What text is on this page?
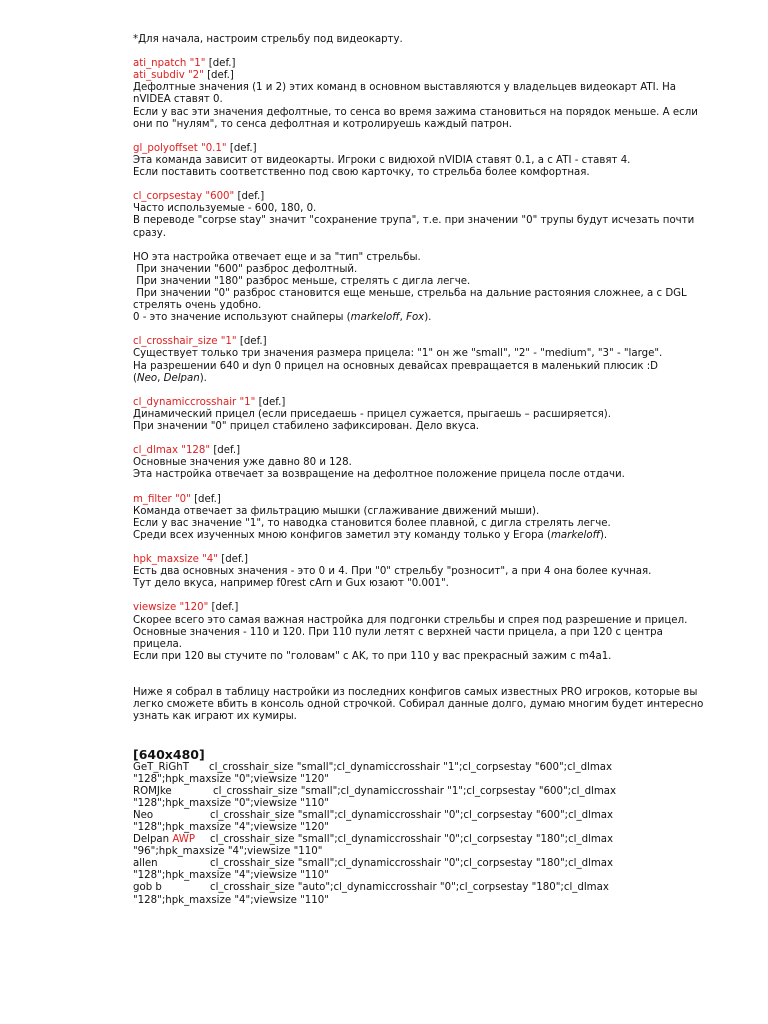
*Для начала, настроим стрельбу под видеокарту.

ati_npatch "1" [def.]

ati_subdiv "2" [def.]

Дефолтные значения (1 и 2) этих команд в основном выставляются у владельцев видеокарт ATI. На

nVIDEA ставят 0.

Если у вас эти значения дефолтные, то сенса во время зажима становиться на порядок меньше. А если

они по "нулям", то сенса дефолтная и котролируешь каждый патрон.

gl_polyoffset "0.1" [def.]

Эта команда зависит от видеокарты. Игроки с видюхой nVIDIA ставят 0.1, а с ATI - ставят 4.

Если поставить соответственно под свою карточку, то стрельба более комфортная.

cl_corpsestay "600" [def.]

Часто используемые - 600, 180, 0.

В переводе "corpse stay" значит "сохранение трупа", т.е. при значении "0" трупы будут исчезать почти

сразу.

НО эта настройка отвечает еще и за "тип" стрельбы.

При значении "600" разброс дефолтный.

При значении "180" разброс меньше, стрелять с дигла легче.

При значении "0" разброс становится еще меньше, стрельба на дальние растояния сложнее, а с DGL

стрелять очень удобно.

0 - это значение используют снайперы (markeloff, Fox).

cl_crosshair_size "1" [def.]

Существует только три значения размера прицела: "1" он же "small", "2" - "medium", "3" - "large".

На разрешении 640 и dyn 0 прицел на основных девайсах превращается в маленький плюсик :D

(Neo, Delpan).

cl_dynamiccrosshair "1" [def.]

Динамический прицел (если приседаешь - прицел сужается, прыгаешь – расширяется).

При значении "0" прицел стабилено зафиксирован. Дело вкуса.

cl_dlmax "128" [def.]

Основные значения уже давно 80 и 128.

Эта настройка отвечает за возвращение на дефолтное положение прицела после отдачи.

m_filter "0" [def.]

Команда отвечает за фильтрацию мышки (сглаживание движений мыши).

Если у вас значение "1", то наводка становится более плавной, с дигла стрелять легче.

Среди всех изученных мною конфигов заметил эту команду только у Егора (markeloff).

hpk_maxsize "4" [def.]

Есть два основных значения - это 0 и 4. При "0" стрельбу "розносит", а при 4 она более кучная.

Тут дело вкуса, например f0rest cArn и Gux юзают "0.001".

viewsize "120" [def.]

Скорее всего это самая важная настройка для подгонки стрельбы и спрея под разрешение и прицел.

Основные значения - 110 и 120. При 110 пули летят с верхней части прицела, а при 120 с центра

прицела.

Если при 120 вы стучите по "головам" с AK, то при 110 у вас прекрасный зажим с m4a1.

Ниже я собрал в таблицу настройки из последних конфигов самых известных PRO игроков, которые вы

легко сможете вбить в консоль одной строчкой. Собирал данные долго, думаю многим будет интересно

узнать как играют их кумиры.

[640x480]

GeT_RiGhT cl_crosshair_size "small";cl_dynamiccrosshair "1";cl_corpsestay "600";cl_dlmax

"128";hpk_maxsize "0";viewsize "120"

ROMJke	cl_crosshair_size "small";cl_dynamiccrosshair "1";cl_corpsestay "600";cl_dlmax

"128";hpk_maxsize "0";viewsize "110"

Neo	cl_crosshair_size "small";cl_dynamiccrosshair "0";cl_corpsestay "600";cl_dlmax

"128";hpk_maxsize "4";viewsize "120"

Delpan AWP cl_crosshair_size "small";cl_dynamiccrosshair "0";cl_corpsestay "180";cl_dlmax

"96";hpk_maxsize "4";viewsize "110"

allen	cl_crosshair_size "small";cl_dynamiccrosshair "0";cl_corpsestay "180";cl_dlmax

"128";hpk_maxsize "4";viewsize "110"

gob b	cl_crosshair_size "auto";cl_dynamiccrosshair "0";cl_corpsestay "180";cl_dlmax

"128";hpk_maxsize "4";viewsize "110"
